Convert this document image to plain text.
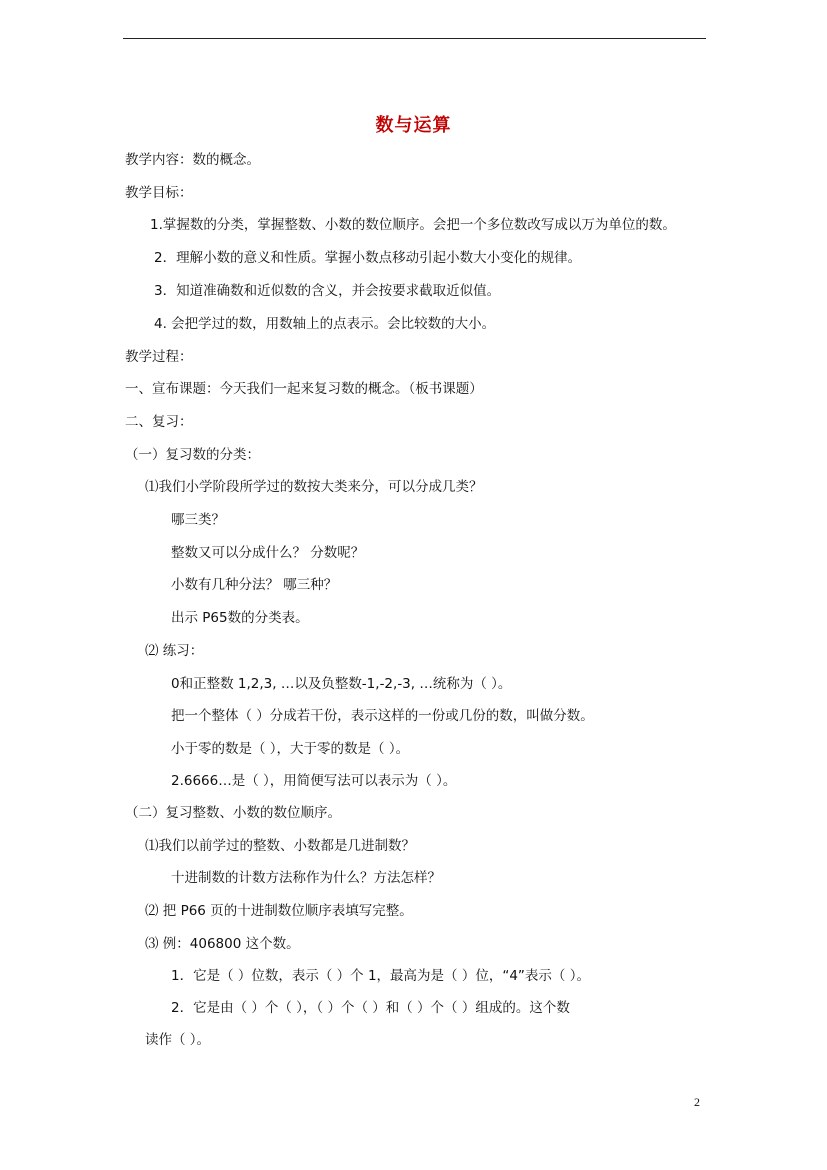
数与运算
教学内容：数的概念。
教学目标：
1.掌握数的分类，掌握整数、小数的数位顺序。会把一个多位数改写成以万为单位的数。
2．理解小数的意义和性质。掌握小数点移动引起小数大小变化的规律。
3．知道准确数和近似数的含义，并会按要求截取近似值。
4. 会把学过的数，用数轴上的点表示。会比较数的大小。
教学过程：
一、宣布课题：今天我们一起来复习数的概念。（板书课题）
二、复习：
（一）复习数的分类：
⑴我们小学阶段所学过的数按大类来分，可以分成几类？
哪三类？
整数又可以分成什么？ 分数呢？
小数有几种分法？ 哪三种？
出示 P65数的分类表。
⑵ 练习：
0和正整数 1,2,3, …以及负整数-1,-2,-3, …统称为（ ）。
把一个整体（ ）分成若干份，表示这样的一份或几份的数，叫做分数。
小于零的数是（ ），大于零的数是（ ）。
2.6666…是（ ），用简便写法可以表示为（ ）。
（二）复习整数、小数的数位顺序。
⑴我们以前学过的整数、小数都是几进制数？
十进制数的计数方法称作为什么？方法怎样？
⑵ 把 P66 页的十进制数位顺序表填写完整。
⑶ 例：406800 这个数。
1．它是（ ）位数，表示（ ）个 1，最高为是（ ）位，“4”表示（ ）。
2．它是由（ ）个（ ），（ ）个（ ）和（ ）个（ ）组成的。这个数
读作（ ）。
2
